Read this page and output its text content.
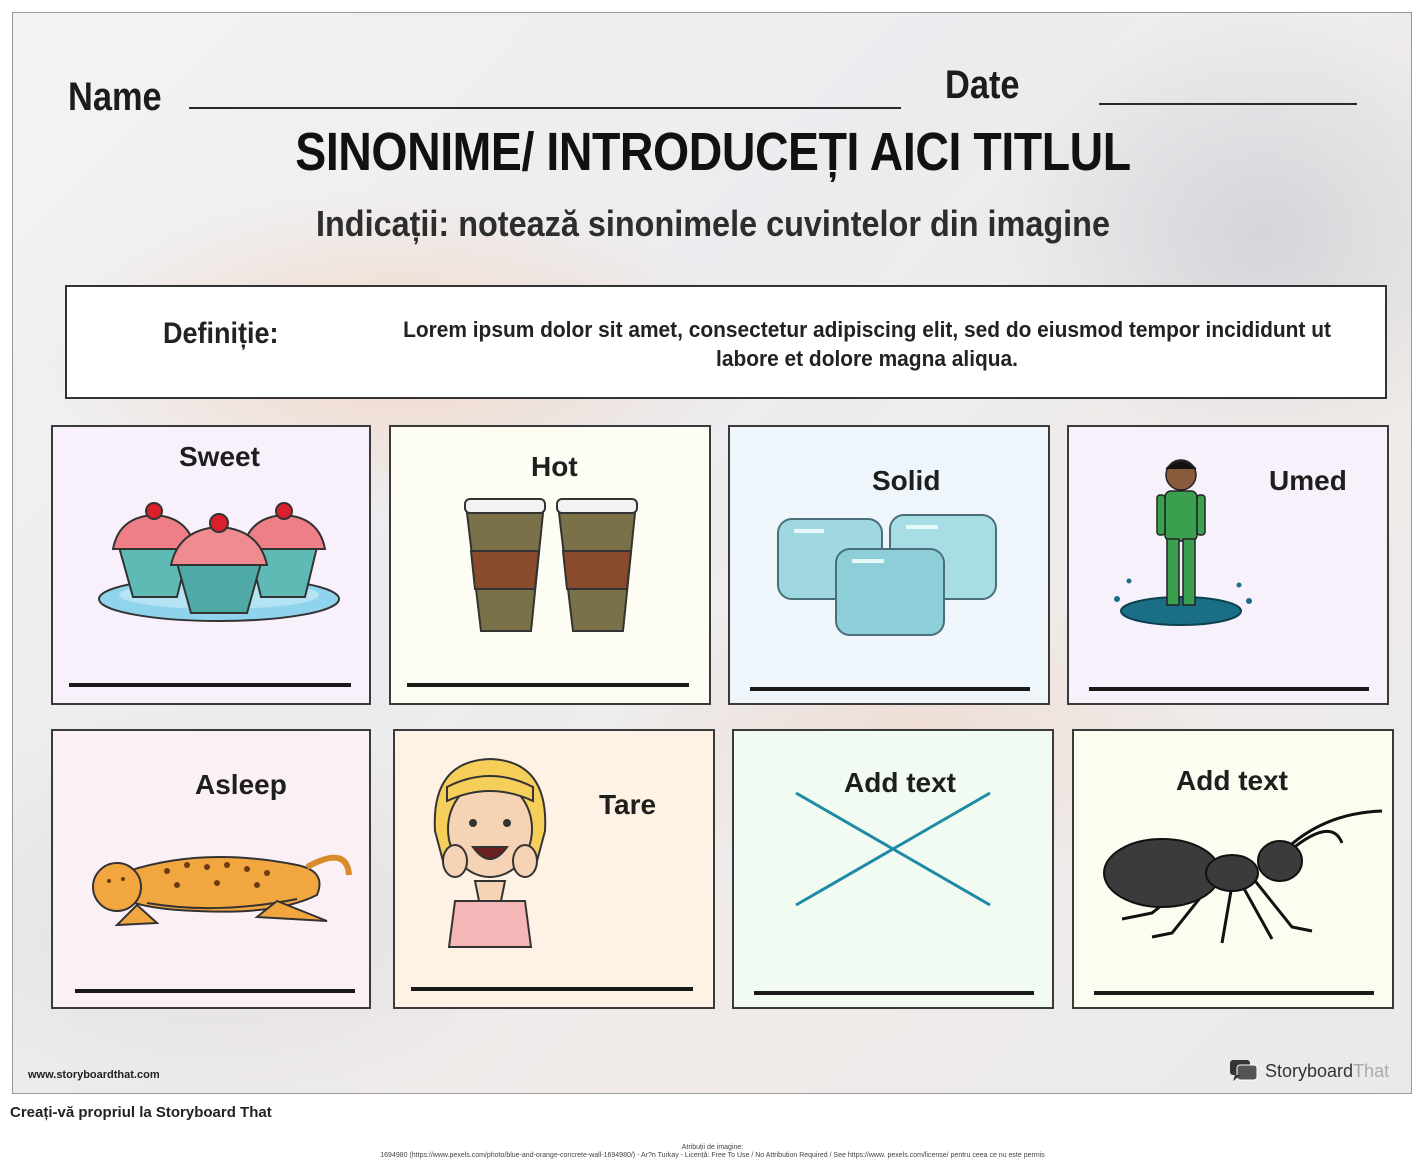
Name	Date
SINONIME/ INTRODUCEȚI AICI TITLUL
Indicații: notează sinonimele cuvintelor din imagine
Definiție:	Lorem ipsum dolor sit amet, consectetur adipiscing elit, sed do eiusmod tempor incididunt ut labore et dolore magna aliqua.
Sweet	Hot	Solid	Umed
Asleep
Tare
Add text	Add text
www.storyboardthat.com	StoryboardThat
Creați-vă propriul la Storyboard That
Atribuții de imagine:
1694980 (https://www.pexels.com/photo/blue-and-orange-concrete-wall-1694980/) - Ar?n Turkay - Licență: Free To Use / No Attribution Required / See https://www. pexels.com/license/ pentru ceea ce nu este permis
